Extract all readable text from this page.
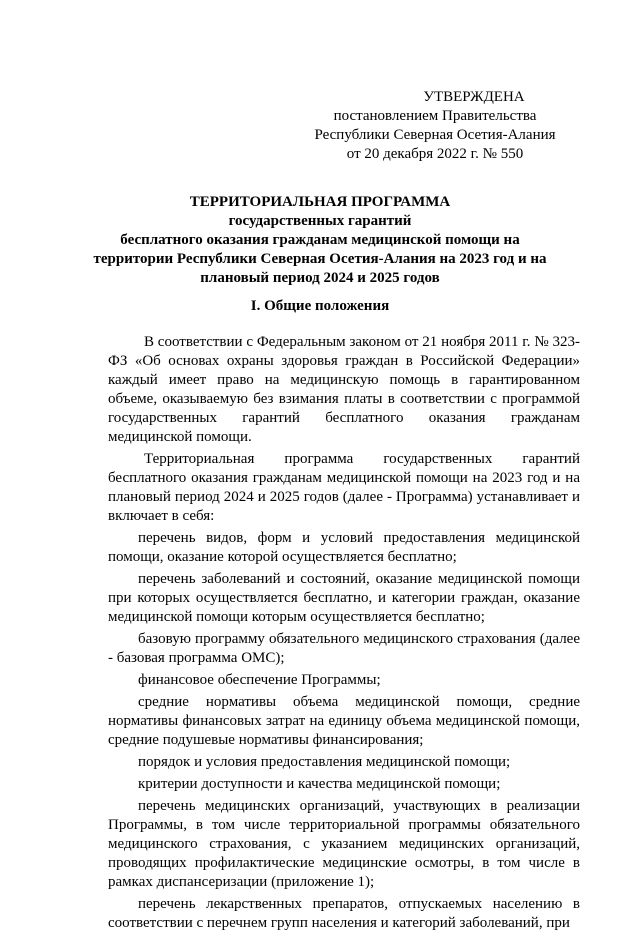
УТВЕРЖДЕНА
постановлением Правительства
Республики Северная Осетия-Алания
от 20 декабря 2022 г. № 550
ТЕРРИТОРИАЛЬНАЯ ПРОГРАММА
государственных гарантий
бесплатного оказания гражданам медицинской помощи на
территории Республики Северная Осетия-Алания на 2023 год и на
плановый период 2024 и 2025 годов
I. Общие положения

В соответствии с Федеральным законом от 21 ноября 2011 г. № 323-ФЗ «Об основах охраны здоровья граждан в Российской Федерации» каждый имеет право на медицинскую помощь в гарантированном объеме, оказываемую без взимания платы в соответствии с программой государственных гарантий бесплатного оказания гражданам медицинской помощи.

Территориальная программа государственных гарантий бесплатного оказания гражданам медицинской помощи на 2023 год и на плановый период 2024 и 2025 годов (далее - Программа) устанавливает и включает в себя:

перечень видов, форм и условий предоставления медицинской помощи, оказание которой осуществляется бесплатно;

перечень заболеваний и состояний, оказание медицинской помощи при которых осуществляется бесплатно, и категории граждан, оказание медицинской помощи которым осуществляется бесплатно;

базовую программу обязательного медицинского страхования (далее - базовая программа ОМС);

финансовое обеспечение Программы;

средние нормативы объема медицинской помощи, средние нормативы финансовых затрат на единицу объема медицинской помощи, средние подушевые нормативы финансирования;

порядок и условия предоставления медицинской помощи;

критерии доступности и качества медицинской помощи;

перечень медицинских организаций, участвующих в реализации Программы, в том числе территориальной программы обязательного медицинского страхования, с указанием медицинских организаций, проводящих профилактические медицинские осмотры, в том числе в рамках диспансеризации (приложение 1);

перечень лекарственных препаратов, отпускаемых населению в соответствии с перечнем групп населения и категорий заболеваний, при
